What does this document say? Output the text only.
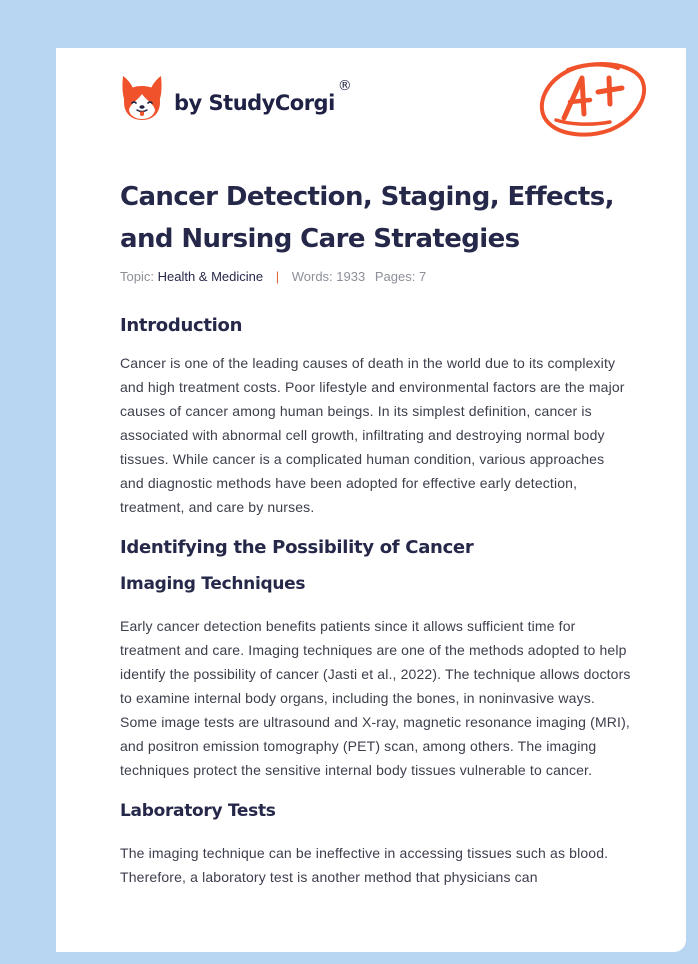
by StudyCorgi
®
Cancer Detection, Staging, Effects, and Nursing Care Strategies
Topic: Health & Medicine | Words: 1933 Pages: 7
Introduction

Cancer is one of the leading causes of death in the world due to its complexity and high treatment costs. Poor lifestyle and environmental factors are the major causes of cancer among human beings. In its simplest definition, cancer is associated with abnormal cell growth, infiltrating and destroying normal body tissues. While cancer is a complicated human condition, various approaches and diagnostic methods have been adopted for effective early detection, treatment, and care by nurses.

Identifying the Possibility of Cancer
Imaging Techniques

Early cancer detection benefits patients since it allows sufficient time for treatment and care. Imaging techniques are one of the methods adopted to help identify the possibility of cancer (Jasti et al., 2022). The technique allows doctors to examine internal body organs, including the bones, in noninvasive ways. Some image tests are ultrasound and X-ray, magnetic resonance imaging (MRI), and positron emission tomography (PET) scan, among others. The imaging techniques protect the sensitive internal body tissues vulnerable to cancer.

Laboratory Tests

The imaging technique can be ineffective in accessing tissues such as blood. Therefore, a laboratory test is another method that physicians can
